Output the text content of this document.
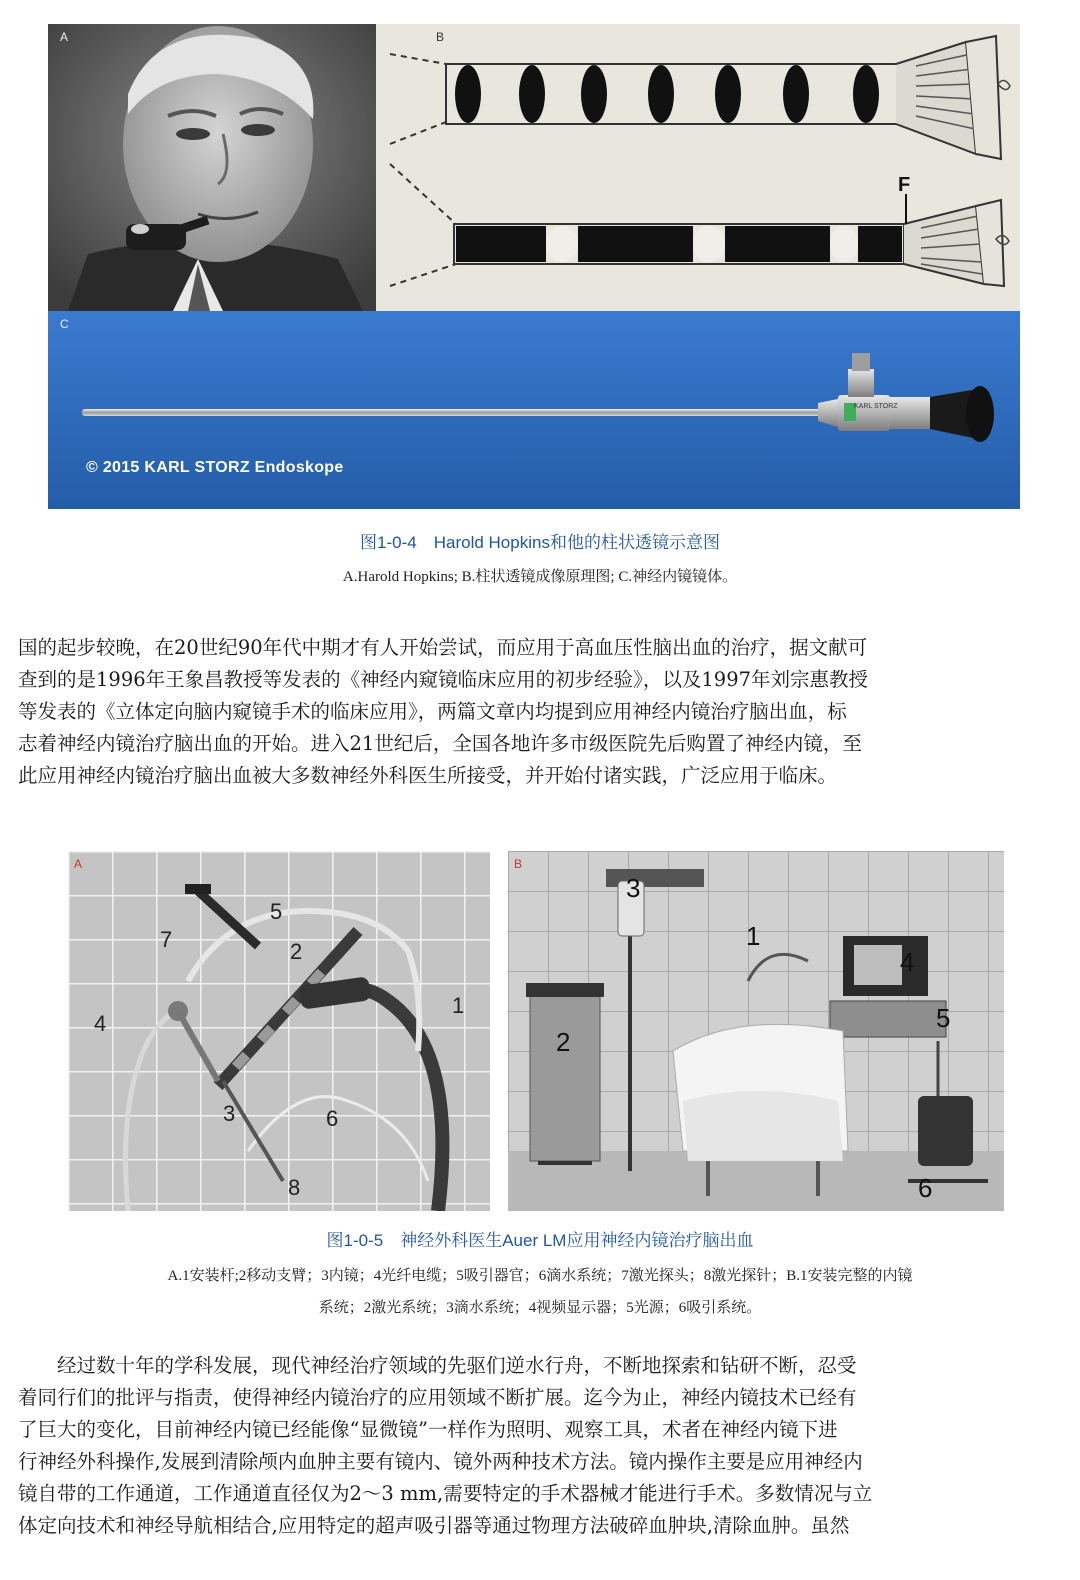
A	B
F
C
KARL STORZ
© 2015 KARL STORZ Endoskope
图1-0-4　Harold Hopkins和他的柱状透镜示意图
A.Harold Hopkins; B.柱状透镜成像原理图; C.神经内镜镜体。

国的起步较晚，在20世纪90年代中期才有人开始尝试，而应用于高血压性脑出血的治疗，据文献可

查到的是1996年王象昌教授等发表的《神经内窥镜临床应用的初步经验》，以及1997年刘宗惠教授

等发表的《立体定向脑内窥镜手术的临床应用》，两篇文章内均提到应用神经内镜治疗脑出血，标

志着神经内镜治疗脑出血的开始。进入21世纪后，全国各地许多市级医院先后购置了神经内镜，至

此应用神经内镜治疗脑出血被大多数神经外科医生所接受，并开始付诸实践，广泛应用于临床。

A
1
2
3
4
5
6
7
8
B
1
2
3
4
5
6
图1-0-5　神经外科医生Auer LM应用神经内镜治疗脑出血
A.1安装杆;2移动支臂；3内镜；4光纤电缆；5吸引器官；6滴水系统；7激光探头；8激光探针；B.1安装完整的内镜
系统；2激光系统；3滴水系统；4视频显示器；5光源；6吸引系统。

　　经过数十年的学科发展，现代神经治疗领域的先驱们逆水行舟，不断地探索和钻研不断，忍受

着同行们的批评与指责，使得神经内镜治疗的应用领域不断扩展。迄今为止，神经内镜技术已经有

了巨大的变化，目前神经内镜已经能像“显微镜”一样作为照明、观察工具，术者在神经内镜下进

行神经外科操作,发展到清除颅内血肿主要有镜内、镜外两种技术方法。镜内操作主要是应用神经内

镜自带的工作通道，工作通道直径仅为2～3 mm,需要特定的手术器械才能进行手术。多数情况与立

体定向技术和神经导航相结合,应用特定的超声吸引器等通过物理方法破碎血肿块,清除血肿。虽然
